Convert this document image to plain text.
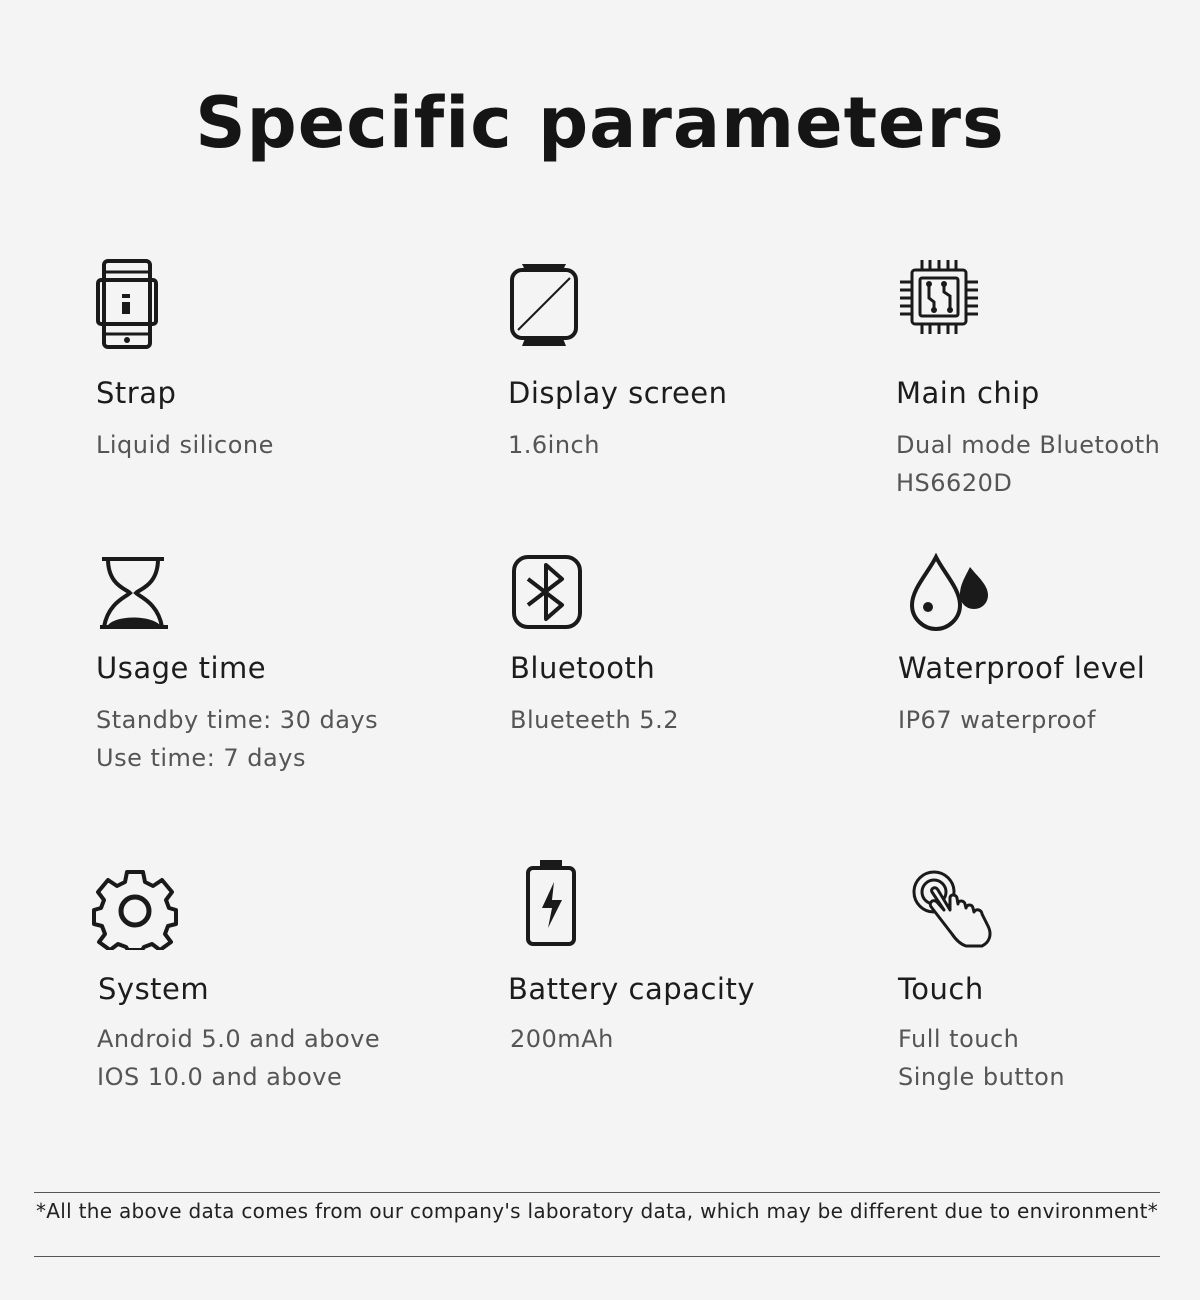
Specific parameters
Strap
Liquid silicone
Display screen
1.6inch
Main chip
Dual mode Bluetooth
HS6620D
Usage time
Standby time: 30 days
Use time: 7 days
Bluetooth
Blueteeth 5.2
Waterproof level
IP67 waterproof
System
Android 5.0 and above
IOS 10.0 and above
Battery capacity
200mAh
Touch
Full touch
Single button
*All the above data comes from our company's laboratory data, which may be different due to environment*
